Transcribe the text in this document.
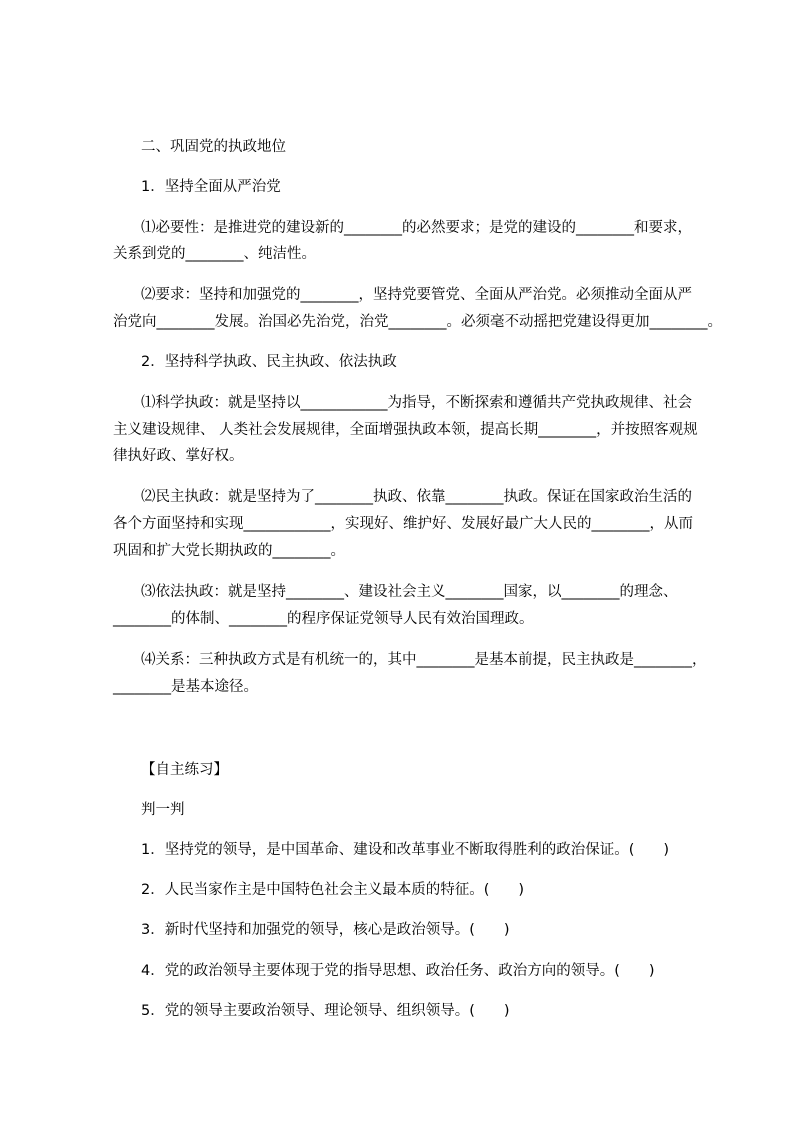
二、巩固党的执政地位
1．坚持全面从严治党
⑴必要性：是推进党的建设新的________的必然要求；是党的建设的________和要求，
关系到党的________、纯洁性。
⑵要求：坚持和加强党的________，坚持党要管党、全面从严治党。必须推动全面从严
治党向________发展。治国必先治党，治党________。必须毫不动摇把党建设得更加________。
2．坚持科学执政、民主执政、依法执政
⑴科学执政：就是坚持以____________为指导，不断探索和遵循共产党执政规律、社会
主义建设规律、 人类社会发展规律，全面增强执政本领，提高长期________，并按照客观规
律执好政、掌好权。
⑵民主执政：就是坚持为了________执政、依靠________执政。保证在国家政治生活的
各个方面坚持和实现____________，实现好、维护好、发展好最广大人民的________，从而
巩固和扩大党长期执政的________。
⑶依法执政：就是坚持________、建设社会主义________国家，以________的理念、
________的体制、________的程序保证党领导人民有效治国理政。
⑷关系：三种执政方式是有机统一的，其中________是基本前提，民主执政是________，
________是基本途径。
【自主练习】
判一判
1．坚持党的领导，是中国革命、建设和改革事业不断取得胜利的政治保证。(　　)
2．人民当家作主是中国特色社会主义最本质的特征。(　　)
3．新时代坚持和加强党的领导，核心是政治领导。(　　)
4．党的政治领导主要体现于党的指导思想、政治任务、政治方向的领导。(　　)
5．党的领导主要政治领导、理论领导、组织领导。(　　)
